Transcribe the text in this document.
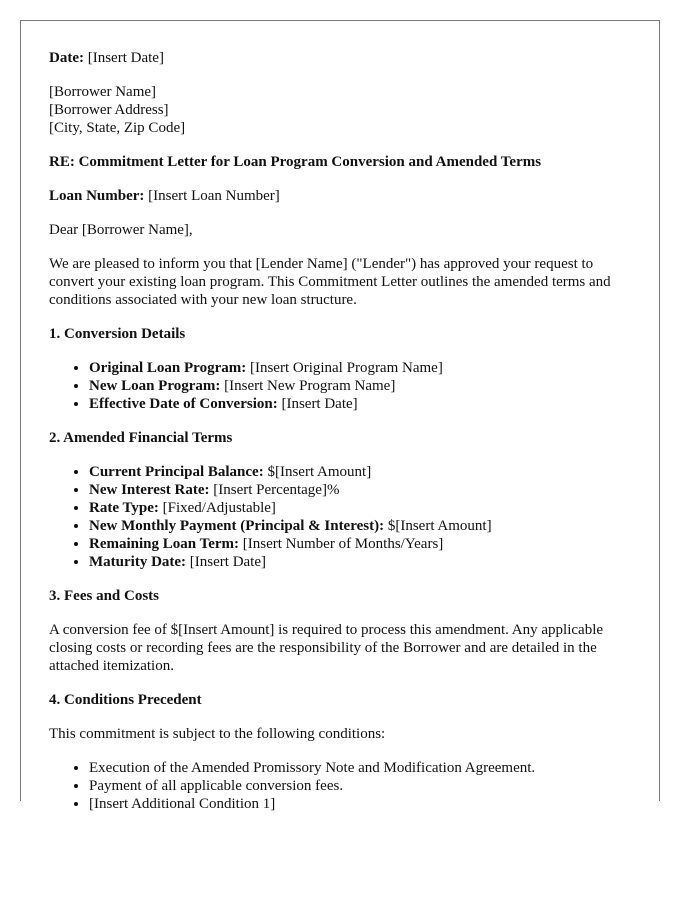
Date: [Insert Date]

[Borrower Name]
[Borrower Address]
[City, State, Zip Code]

RE: Commitment Letter for Loan Program Conversion and Amended Terms

Loan Number: [Insert Loan Number]

Dear [Borrower Name],

We are pleased to inform you that [Lender Name] ("Lender") has approved your request to convert your existing loan program. This Commitment Letter outlines the amended terms and conditions associated with your new loan structure.

1. Conversion Details
• Original Loan Program: [Insert Original Program Name]
• New Loan Program: [Insert New Program Name]
• Effective Date of Conversion: [Insert Date]
2. Amended Financial Terms
• Current Principal Balance: $[Insert Amount]
• New Interest Rate: [Insert Percentage]%
• Rate Type: [Fixed/Adjustable]
• New Monthly Payment (Principal & Interest): $[Insert Amount]
• Remaining Loan Term: [Insert Number of Months/Years]
• Maturity Date: [Insert Date]
3. Fees and Costs

A conversion fee of $[Insert Amount] is required to process this amendment. Any applicable closing costs or recording fees are the responsibility of the Borrower and are detailed in the attached itemization.

4. Conditions Precedent

This commitment is subject to the following conditions:

• Execution of the Amended Promissory Note and Modification Agreement.
• Payment of all applicable conversion fees.
• [Insert Additional Condition 1]
